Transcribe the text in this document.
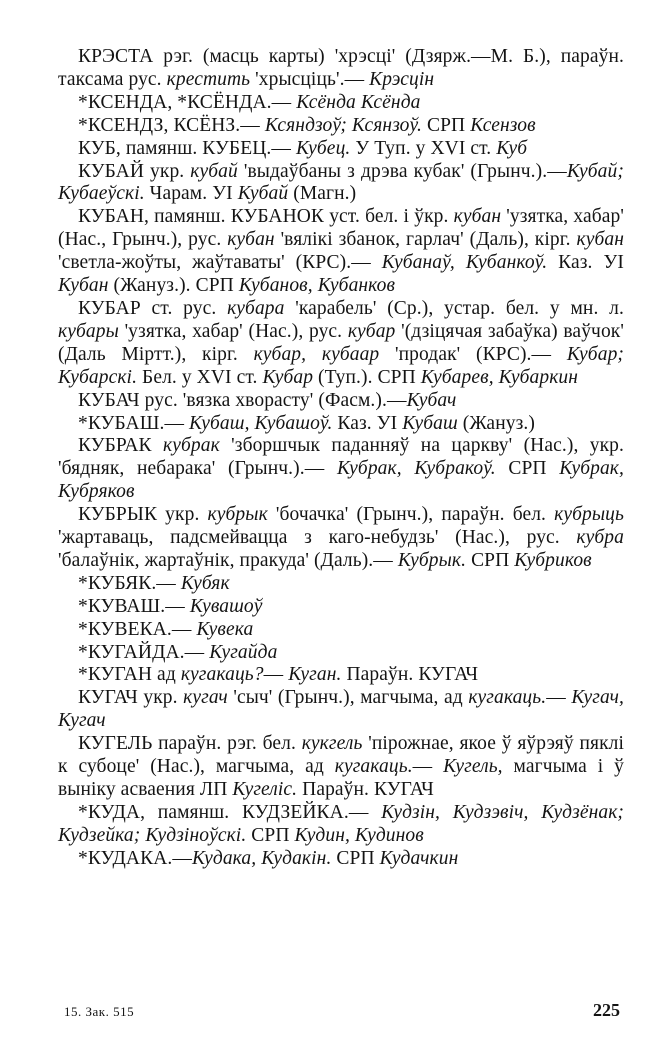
КРЭСТА рэг. (масць карты) 'хрэсці' (Дзярж.—М. Б.), параўн. таксама рус. крестить 'хрысціць'.— Крэсцін

*КСЕНДА, *КСЁНДА.— Ксёнда Ксёнда

*КСЕНДЗ, КСЁНЗ.— Ксяндзоў; Ксянзоў. СРП Ксензов

КУБ, памянш. КУБЕЦ.— Кубец. У Туп. у XVI ст. Куб

КУБАЙ укр. кубай 'выдаўбаны з дрэва кубак' (Грынч.).—Кубай; Кубаеўскі. Чарам. УІ Кубай (Магн.)

КУБАН, памянш. КУБАНОК уст. бел. і ўкр. кубан 'узятка, хабар' (Нас., Грынч.), рус. кубан 'вялікі збанок, гарлач' (Даль), кірг. кубан 'светла-жоўты, жаўтаваты' (КРС).— Кубанаў, Кубанкоў. Каз. УІ Кубан (Жануз.). СРП Кубанов, Кубанков

КУБАР ст. рус. кубара 'карабель' (Ср.), устар. бел. у мн. л. кубары 'узятка, хабар' (Нас.), рус. кубар '(дзіцячая забаўка) ваўчок' (Даль Міртт.), кірг. кубар, кубаар 'продак' (КРС).— Кубар; Кубарскі. Бел. у XVI ст. Кубар (Туп.). СРП Кубарев, Кубаркин

КУБАЧ рус. 'вязка хворасту' (Фасм.).—Кубач

*КУБАШ.— Кубаш, Кубашоў. Каз. УІ Кубаш (Жануз.)

КУБРАК кубрак 'зборшчык паданняў на царкву' (Нас.), укр. 'бядняк, небарака' (Грынч.).— Кубрак, Кубракоў. СРП Кубрак, Кубряков

КУБРЫК укр. кубрык 'бочачка' (Грынч.), параўн. бел. кубрыць 'жартаваць, падсмейвацца з каго-небудзь' (Нас.), рус. кубра 'балаўнік, жартаўнік, пракуда' (Даль).— Кубрык. СРП Кубриков

*КУБЯК.— Кубяк

*КУВАШ.— Кувашоў

*КУВЕКА.— Кувека

*КУГАЙДА.— Кугайда

*КУГАН ад кугакаць?— Куган. Параўн. КУГАЧ

КУГАЧ укр. кугач 'сыч' (Грынч.), магчыма, ад кугакаць.— Кугач, Кугач

КУГЕЛЬ параўн. рэг. бел. кукгель 'пірожнае, якое ў яўрэяў пяклі к субоце' (Нас.), магчыма, ад кугакаць.— Кугель, магчыма і ў выніку асваения ЛП Кугеліс. Параўн. КУГАЧ

*КУДА, памянш. КУДЗЕЙКА.— Кудзін, Кудзэвіч, Кудзёнак; Кудзейка; Кудзіноўскі. СРП Кудин, Кудинов

*КУДАКА.—Кудака, Кудакін. СРП Кудачкин

15. Зак. 515	225
